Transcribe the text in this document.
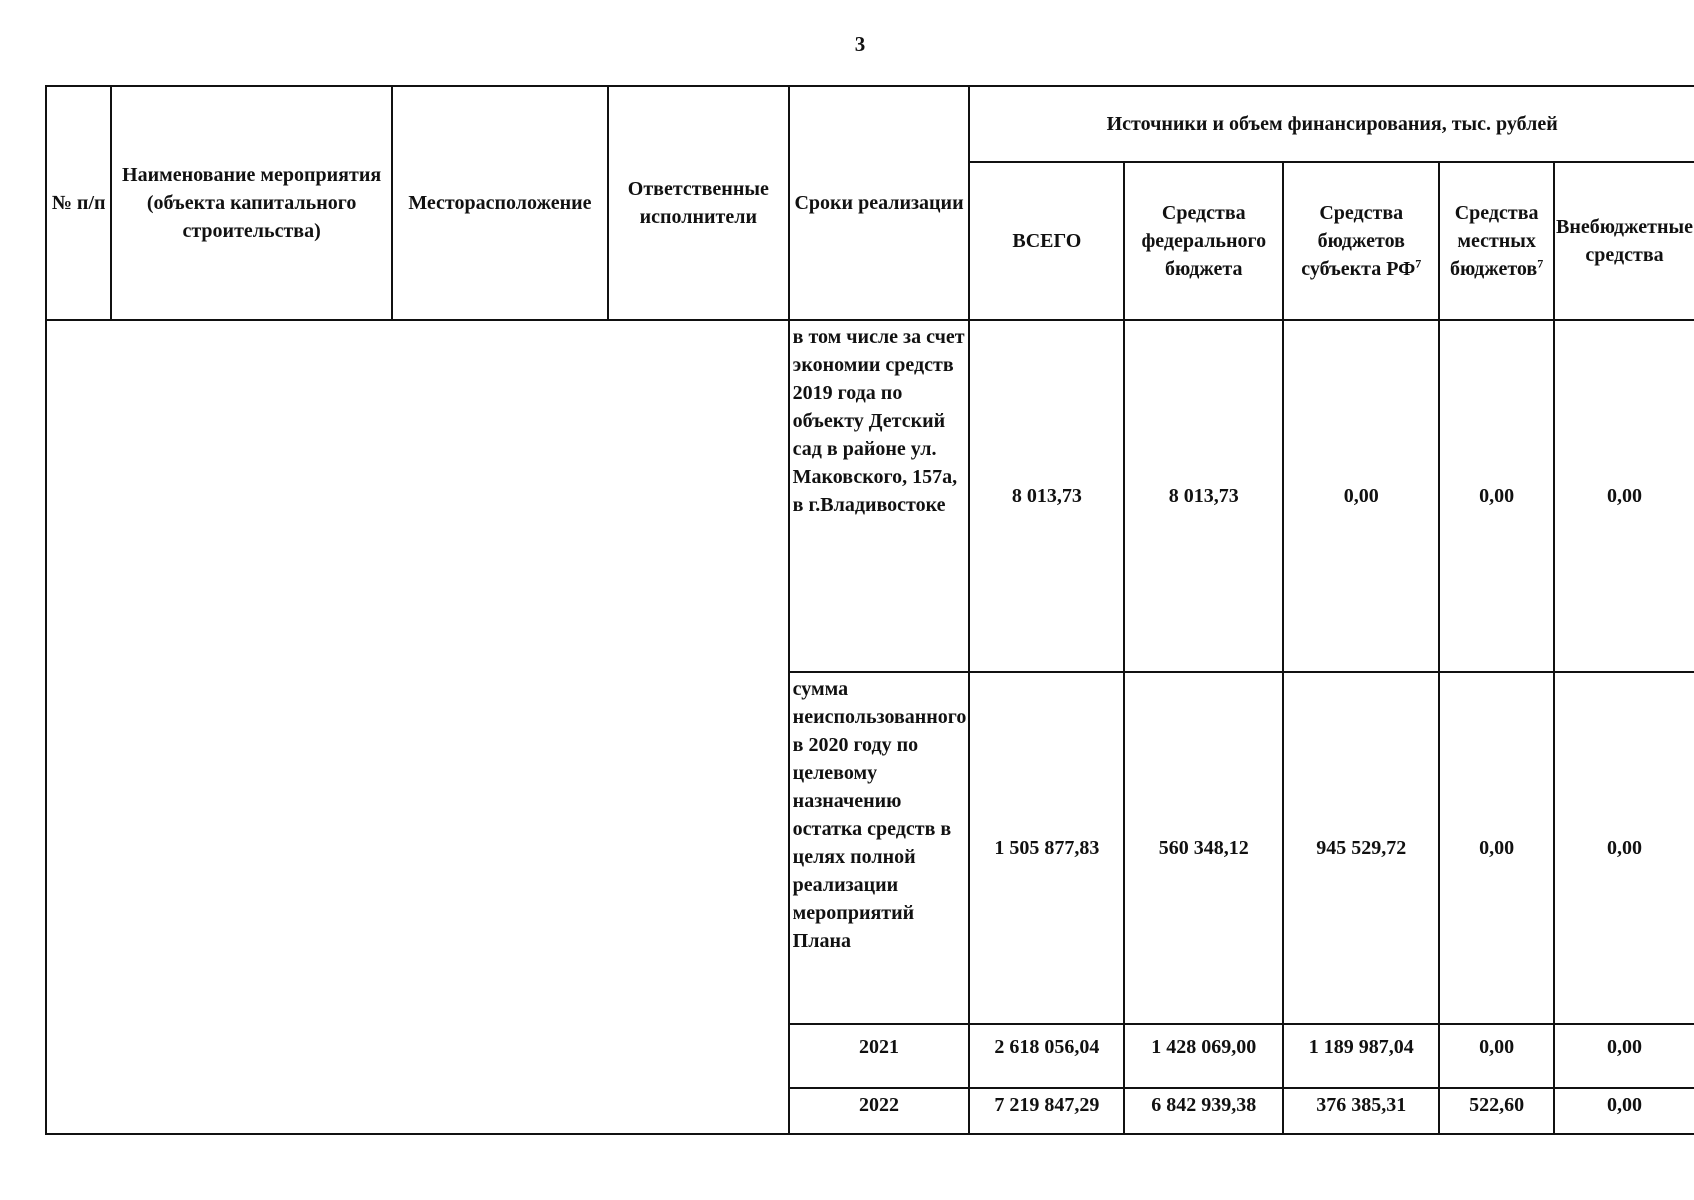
3
№ п/п	Наименование мероприятия (объекта капитального строительства)	Месторасположение	Ответственные исполнители	Сроки реализации	Источники и объем финансирования, тыс. рублей				
					ВСЕГО	Средства федерального бюджета	Средства бюджетов субъекта $РФ^7$	Средства местных бюджетов$^7$	Внебюджетные средства
				в том числе за счет экономии средств 2019 года по объекту Детский сад в районе ул. Маковского, 157а, в г.Владивостоке	8 013,73	8 013,73	0,00	0,00	0,00
				сумма неиспользованного в 2020 году по целевому назначению остатка средств в целях полной реализации мероприятий Плана	1 505 877,83	560 348,12	945 529,72	0,00	0,00
				2021	2 618 056,04	1 428 069,00	1 189 987,04	0,00	0,00
				2022	7 219 847,29	6 842 939,38	376 385,31	522,60	0,00
